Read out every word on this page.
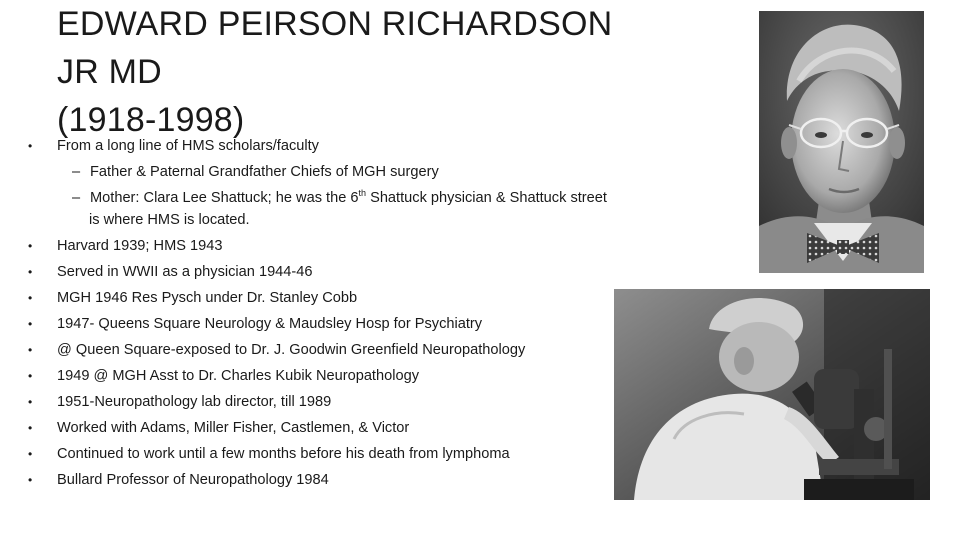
EDWARD PEIRSON RICHARDSON
JR MD
(1918-1998)
•	From a long line of HMS scholars/faculty
– Father & Paternal Grandfather Chiefs of MGH surgery
– Mother: Clara Lee Shattuck; he was the 6th Shattuck physician & Shattuck street
is where HMS is located.
•	Harvard 1939; HMS 1943
•	Served in WWII as a physician 1944-46
•	MGH 1946 Res Pysch under Dr. Stanley Cobb
•	1947- Queens Square Neurology & Maudsley Hosp for Psychiatry
•	@ Queen Square-exposed to Dr. J. Goodwin Greenfield Neuropathology
•	1949 @ MGH Asst to Dr. Charles Kubik Neuropathology
•	1951-Neuropathology lab director, till 1989
•	Worked with Adams, Miller Fisher, Castlemen, & Victor
•	Continued to work until a few months before his death from lymphoma
•	Bullard Professor of Neuropathology 1984
